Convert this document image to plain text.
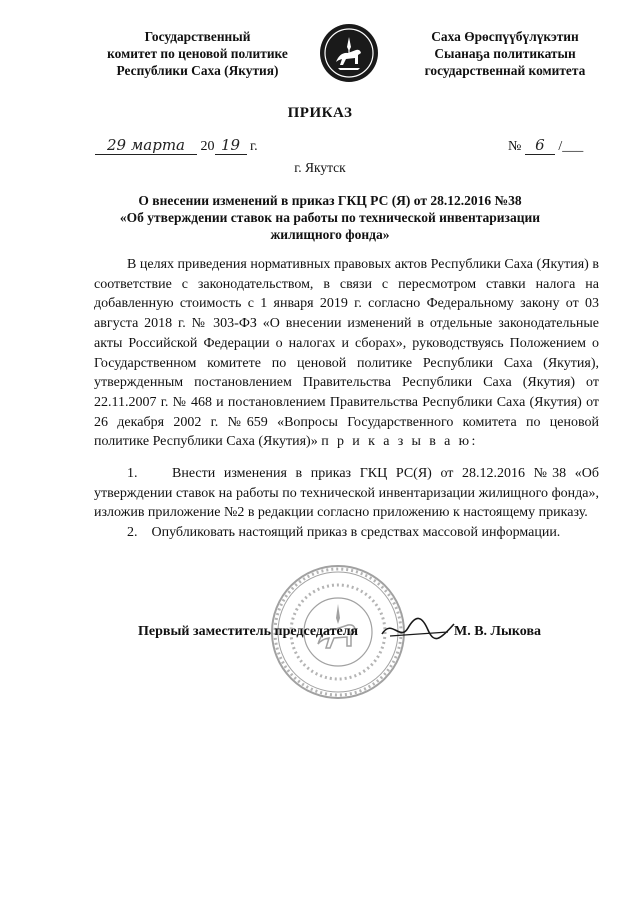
Государственный
комитет по ценовой политике
Республики Саха (Якутия)
Саха Өрөспүүбүлүкэтин
Сыанаҕа политикатын
государственнай комитета
ПРИКАЗ
29 марта 20 19 г.	№ 6 /___
г. Якутск
О внесении изменений в приказ ГКЦ РС (Я) от 28.12.2016 №38
«Об утверждении ставок на работы по технической инвентаризации
жилищного фонда»

В целях приведения нормативных правовых актов Республики Саха (Якутия) в соответствие с законодательством, в связи с пересмотром ставки налога на добавленную стоимость с 1 января 2019 г. согласно Федеральному закону от 03 августа 2018 г. № 303-ФЗ «О внесении изменений в отдельные законодательные акты Российской Федерации о налогах и сборах», руководствуясь Положением о Государственном комитете по ценовой политике Республики Саха (Якутия), утвержденным постановлением Правительства Республики Саха (Якутия) от 22.11.2007 г. № 468 и постановлением Правительства Республики Саха (Якутия) от 26 декабря 2002 г. №659 «Вопросы Государственного комитета по ценовой политике Республики Саха (Якутия)» п р и к а з ы в а ю:

1. Внести изменения в приказ ГКЦ РС(Я) от 28.12.2016 №38 «Об утверждении ставок на работы по технической инвентаризации жилищного фонда», изложив приложение №2 в редакции согласно приложению к настоящему приказу.

2. Опубликовать настоящий приказ в средствах массовой информации.

Первый заместитель председателя	М. В. Лыкова
